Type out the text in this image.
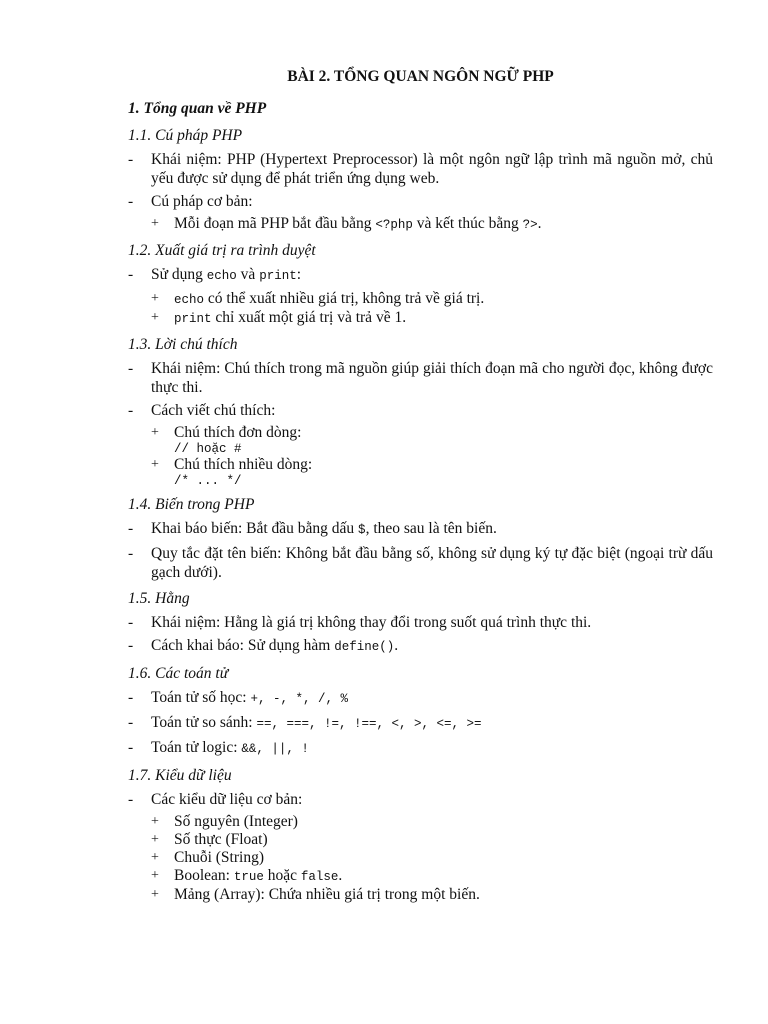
BÀI 2. TỔNG QUAN NGÔN NGỮ PHP
1. Tổng quan về PHP
1.1. Cú pháp PHP
-	Khái niệm: PHP (Hypertext Preprocessor) là một ngôn ngữ lập trình mã nguồn mở, chủ yếu được sử dụng để phát triển ứng dụng web.
-	Cú pháp cơ bản:
+ Mỗi đoạn mã PHP bắt đầu bằng <?php và kết thúc bằng ?>.
1.2. Xuất giá trị ra trình duyệt
-	Sử dụng echo và print:
+	echo có thể xuất nhiều giá trị, không trả về giá trị.
+	print chỉ xuất một giá trị và trả về 1.
1.3. Lời chú thích
-	Khái niệm: Chú thích trong mã nguồn giúp giải thích đoạn mã cho người đọc, không được thực thi.
-	Cách viết chú thích:
+ Chú thích đơn dòng:
// hoặc #
+ Chú thích nhiều dòng:
/* ... */
1.4. Biến trong PHP
-	Khai báo biến: Bắt đầu bằng dấu $, theo sau là tên biến.
-	Quy tắc đặt tên biến: Không bắt đầu bằng số, không sử dụng ký tự đặc biệt (ngoại trừ dấu gạch dưới).
1.5. Hằng
-	Khái niệm: Hằng là giá trị không thay đổi trong suốt quá trình thực thi.
-	Cách khai báo: Sử dụng hàm define().
1.6. Các toán tử
-	Toán tử số học: +, -, *, /, %
-	Toán tử so sánh: ==, ===, !=, !==, <, >, <=, >=
-	Toán tử logic: &&, ||, !
1.7. Kiểu dữ liệu
-	Các kiểu dữ liệu cơ bản:
+ Số nguyên (Integer)
+ Số thực (Float)
+ Chuỗi (String)
+ Boolean: true hoặc false.
+ Mảng (Array): Chứa nhiều giá trị trong một biến.
